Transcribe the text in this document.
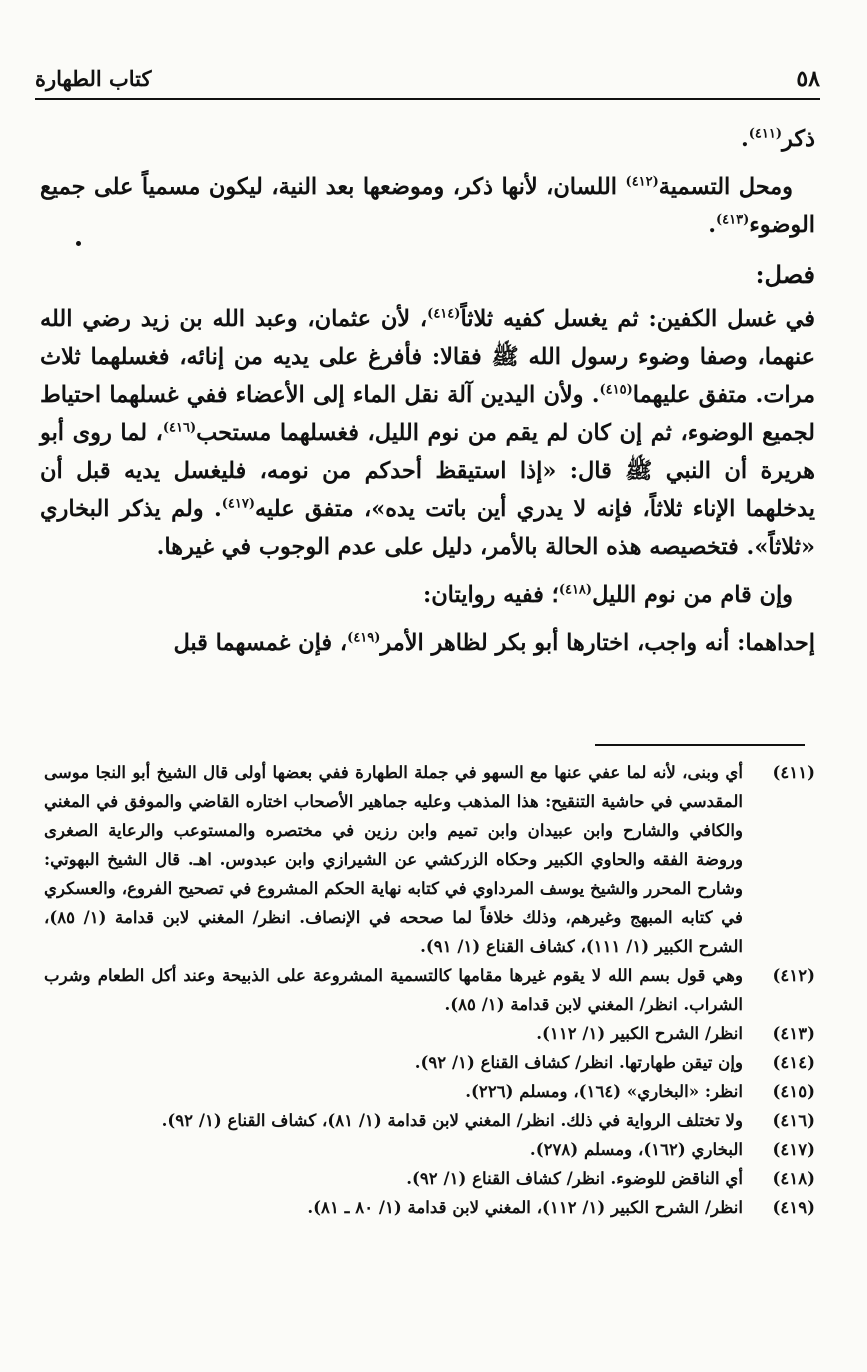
٥٨
كتاب الطهارة

ذكر$^{(٤١١)}$.

ومحل التسمية$^{(٤١٢)}$ اللسان، لأنها ذكر، وموضعها بعد النية، ليكون مسمياً على جميع الوضوء$^{(٤١٣)}$.

فصل:

في غسل الكفين: ثم يغسل كفيه ثلاثاً$^{(٤١٤)}$، لأن عثمان، وعبد الله بن زيد رضي الله عنهما، وصفا وضوء رسول الله ﷺ فقالا: فأفرغ على يديه من إنائه، فغسلهما ثلاث مرات. متفق عليهما$^{(٤١٥)}$. ولأن اليدين آلة نقل الماء إلى الأعضاء ففي غسلهما احتياط لجميع الوضوء، ثم إن كان لم يقم من نوم الليل، فغسلهما مستحب$^{(٤١٦)}$، لما روى أبو هريرة أن النبي ﷺ قال: «إذا استيقظ أحدكم من نومه، فليغسل يديه قبل أن يدخلهما الإناء ثلاثاً، فإنه لا يدري أين باتت يده»، متفق عليه$^{(٤١٧)}$. ولم يذكر البخاري «ثلاثاً». فتخصيصه هذه الحالة بالأمر، دليل على عدم الوجوب في غيرها.

وإن قام من نوم الليل$^{(٤١٨)}$؛ ففيه روايتان:

إحداهما: أنه واجب، اختارها أبو بكر لظاهر الأمر$^{(٤١٩)}$، فإن غمسهما قبل

(٤١١)
أي وبنى، لأنه لما عفي عنها مع السهو في جملة الطهارة ففي بعضها أولى قال الشيخ أبو النجا موسى المقدسي في حاشية التنقيح: هذا المذهب وعليه جماهير الأصحاب اختاره القاضي والموفق في المغني والكافي والشارح وابن عبيدان وابن تميم وابن رزين في مختصره والمستوعب والرعاية الصغرى وروضة الفقه والحاوي الكبير وحكاه الزركشي عن الشيرازي وابن عبدوس. اهـ. قال الشيخ البهوتي: وشارح المحرر والشيخ يوسف المرداوي في كتابه نهاية الحكم المشروع في تصحيح الفروع، والعسكري في كتابه المبهج وغيرهم، وذلك خلافاً لما صححه في الإنصاف. انظر/ المغني لابن قدامة (١/ ٨٥)، الشرح الكبير (١/ ١١١)، كشاف القناع (١/ ٩١).
(٤١٢)
وهي قول بسم الله لا يقوم غيرها مقامها كالتسمية المشروعة على الذبيحة وعند أكل الطعام وشرب الشراب. انظر/ المغني لابن قدامة (١/ ٨٥).
(٤١٣)
انظر/ الشرح الكبير (١/ ١١٢).
(٤١٤)
وإن تيقن طهارتها. انظر/ كشاف القناع (١/ ٩٢).
(٤١٥)
انظر: «البخاري» (١٦٤)، ومسلم (٢٢٦).
(٤١٦)
ولا تختلف الرواية في ذلك. انظر/ المغني لابن قدامة (١/ ٨١)، كشاف القناع (١/ ٩٢).
(٤١٧)
البخاري (١٦٢)، ومسلم (٢٧٨).
(٤١٨)
أي الناقض للوضوء. انظر/ كشاف القناع (١/ ٩٢).
(٤١٩)
انظر/ الشرح الكبير (١/ ١١٢)، المغني لابن قدامة (١/ ٨٠ ـ ٨١).
